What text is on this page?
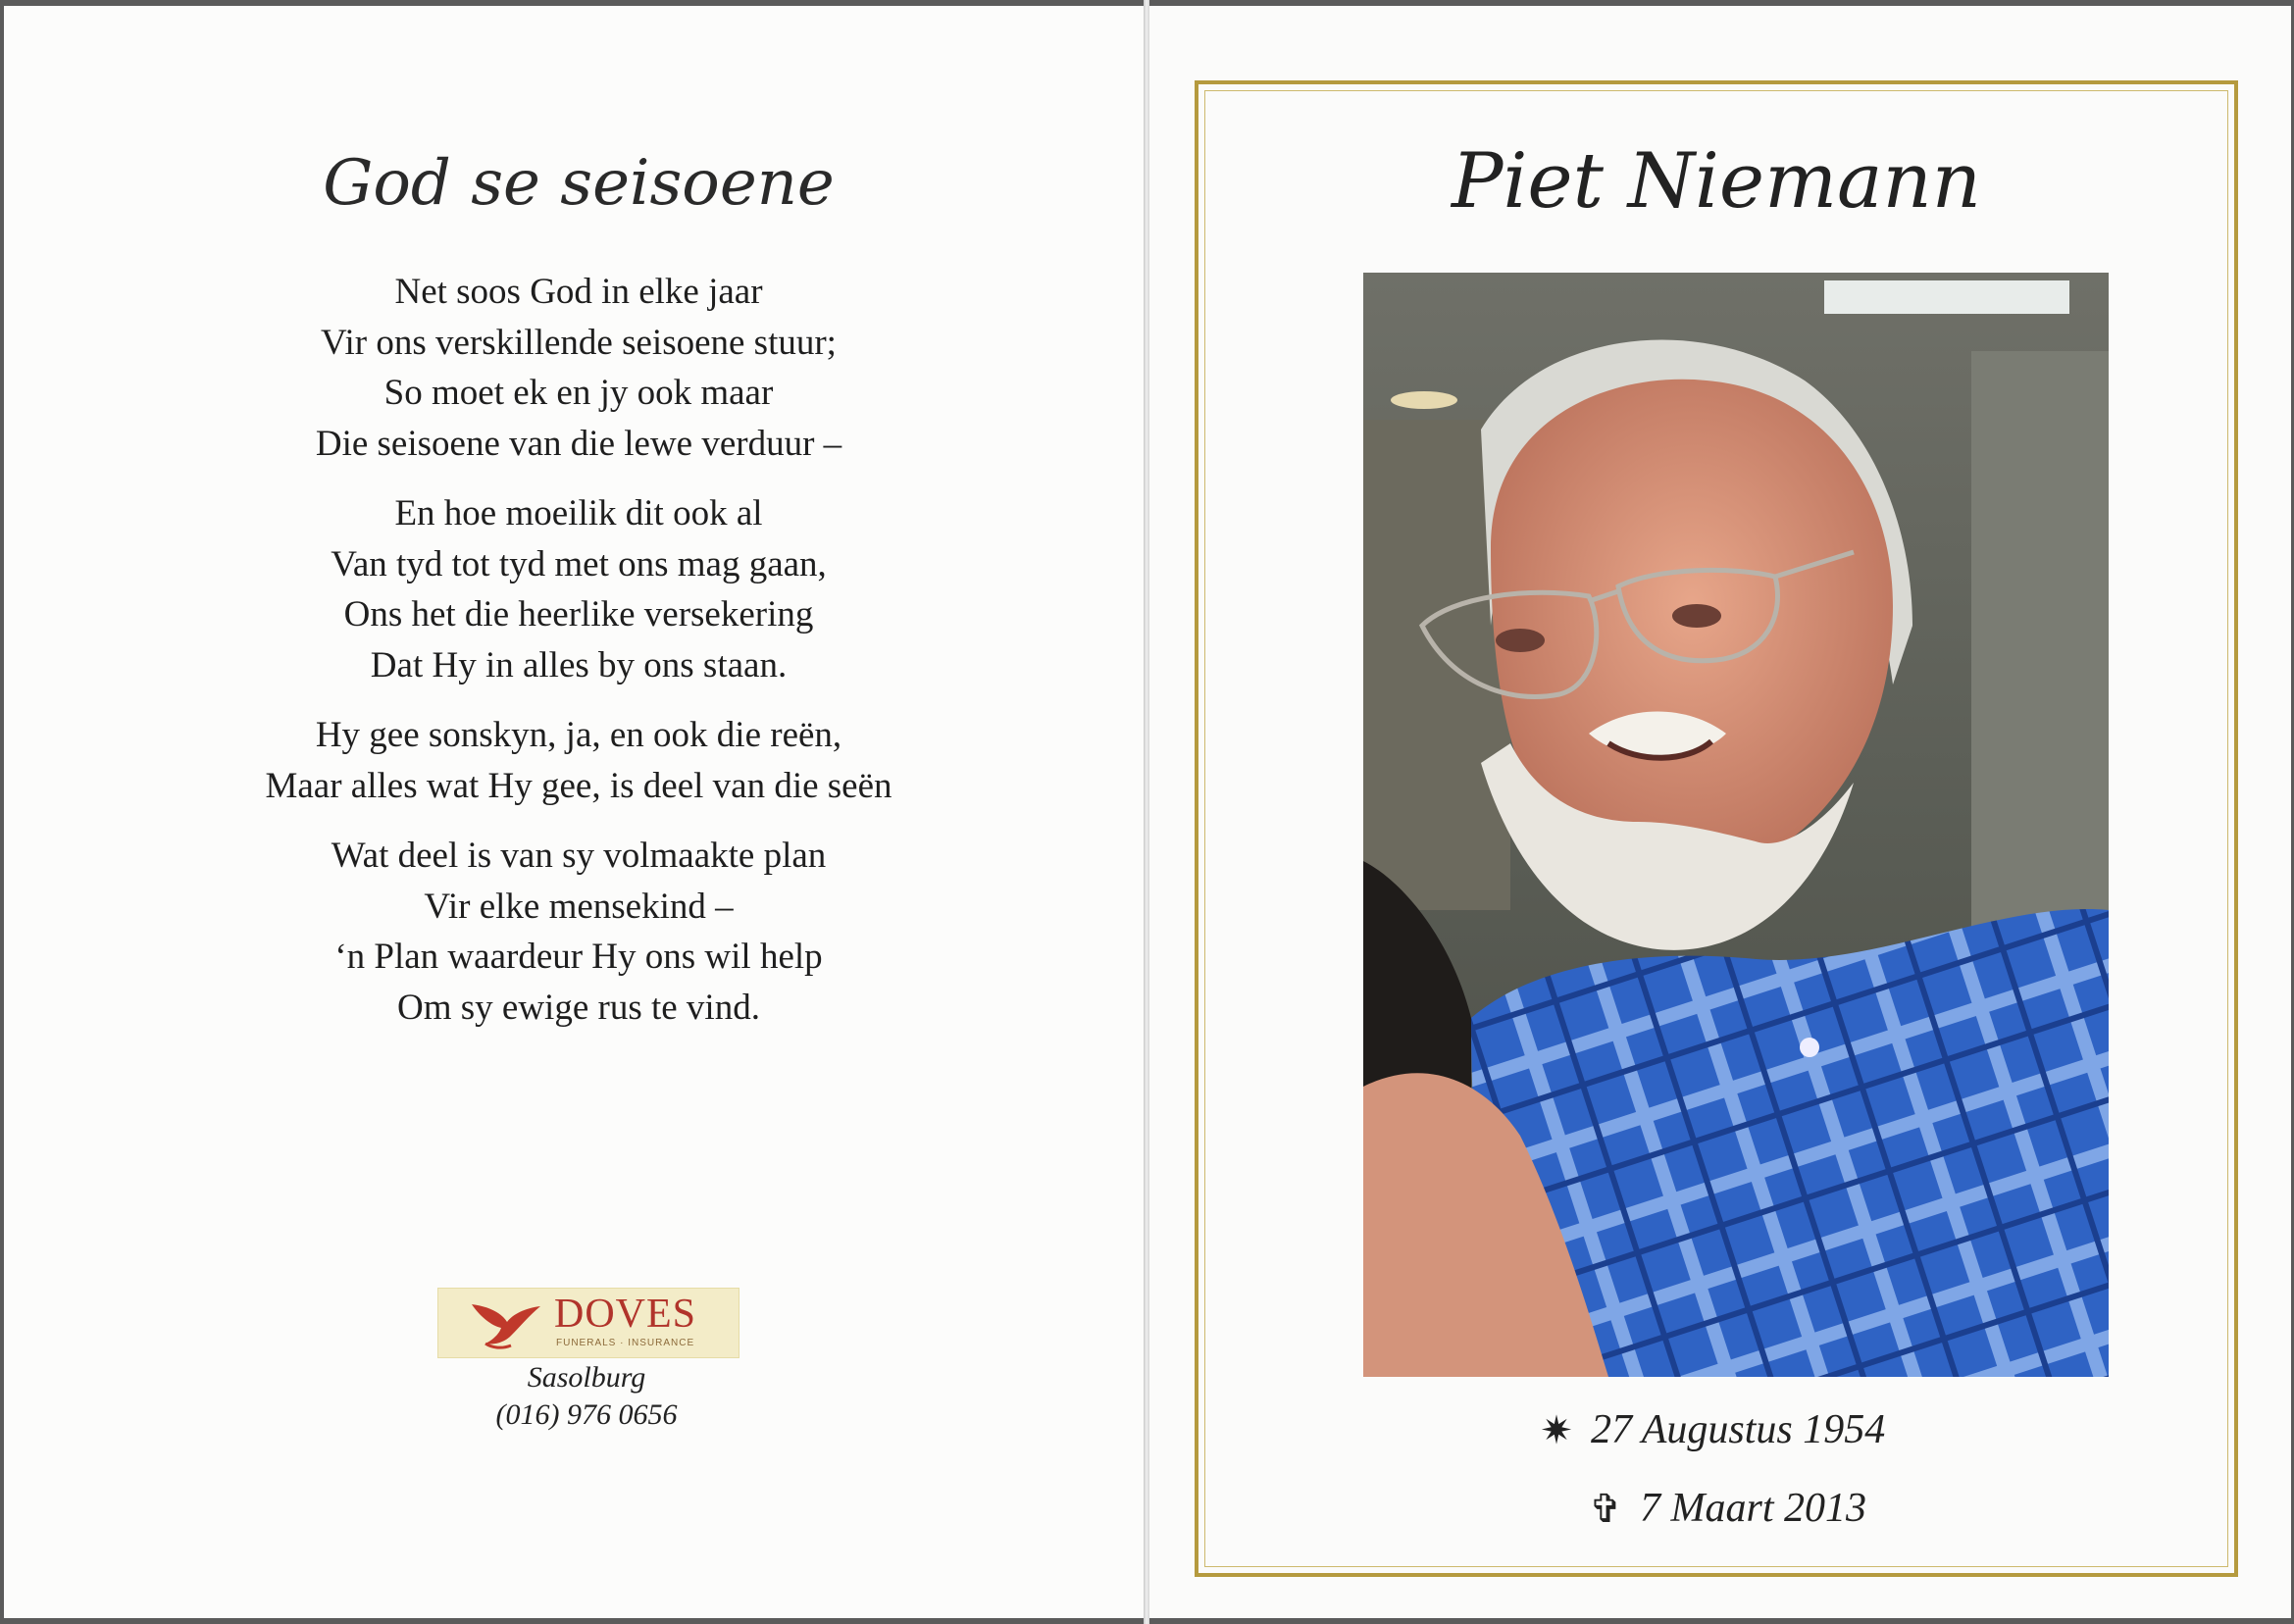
God se seisoene
Net soos God in elke jaar
Vir ons verskillende seisoene stuur;
So moet ek en jy ook maar
Die seisoene van die lewe verduur –
En hoe moeilik dit ook al
Van tyd tot tyd met ons mag gaan,
Ons het die heerlike versekering
Dat Hy in alles by ons staan.
Hy gee sonskyn, ja, en ook die reën,
Maar alles wat Hy gee, is deel van die seën
Wat deel is van sy volmaakte plan
Vir elke mensekind –
‘n Plan waardeur Hy ons wil help
Om sy ewige rus te vind.
DOVES
FUNERALS · INSURANCE
Sasolburg
(016) 976 0656
Piet Niemann
✷ 27 Augustus 1954
✞ 7 Maart 2013
